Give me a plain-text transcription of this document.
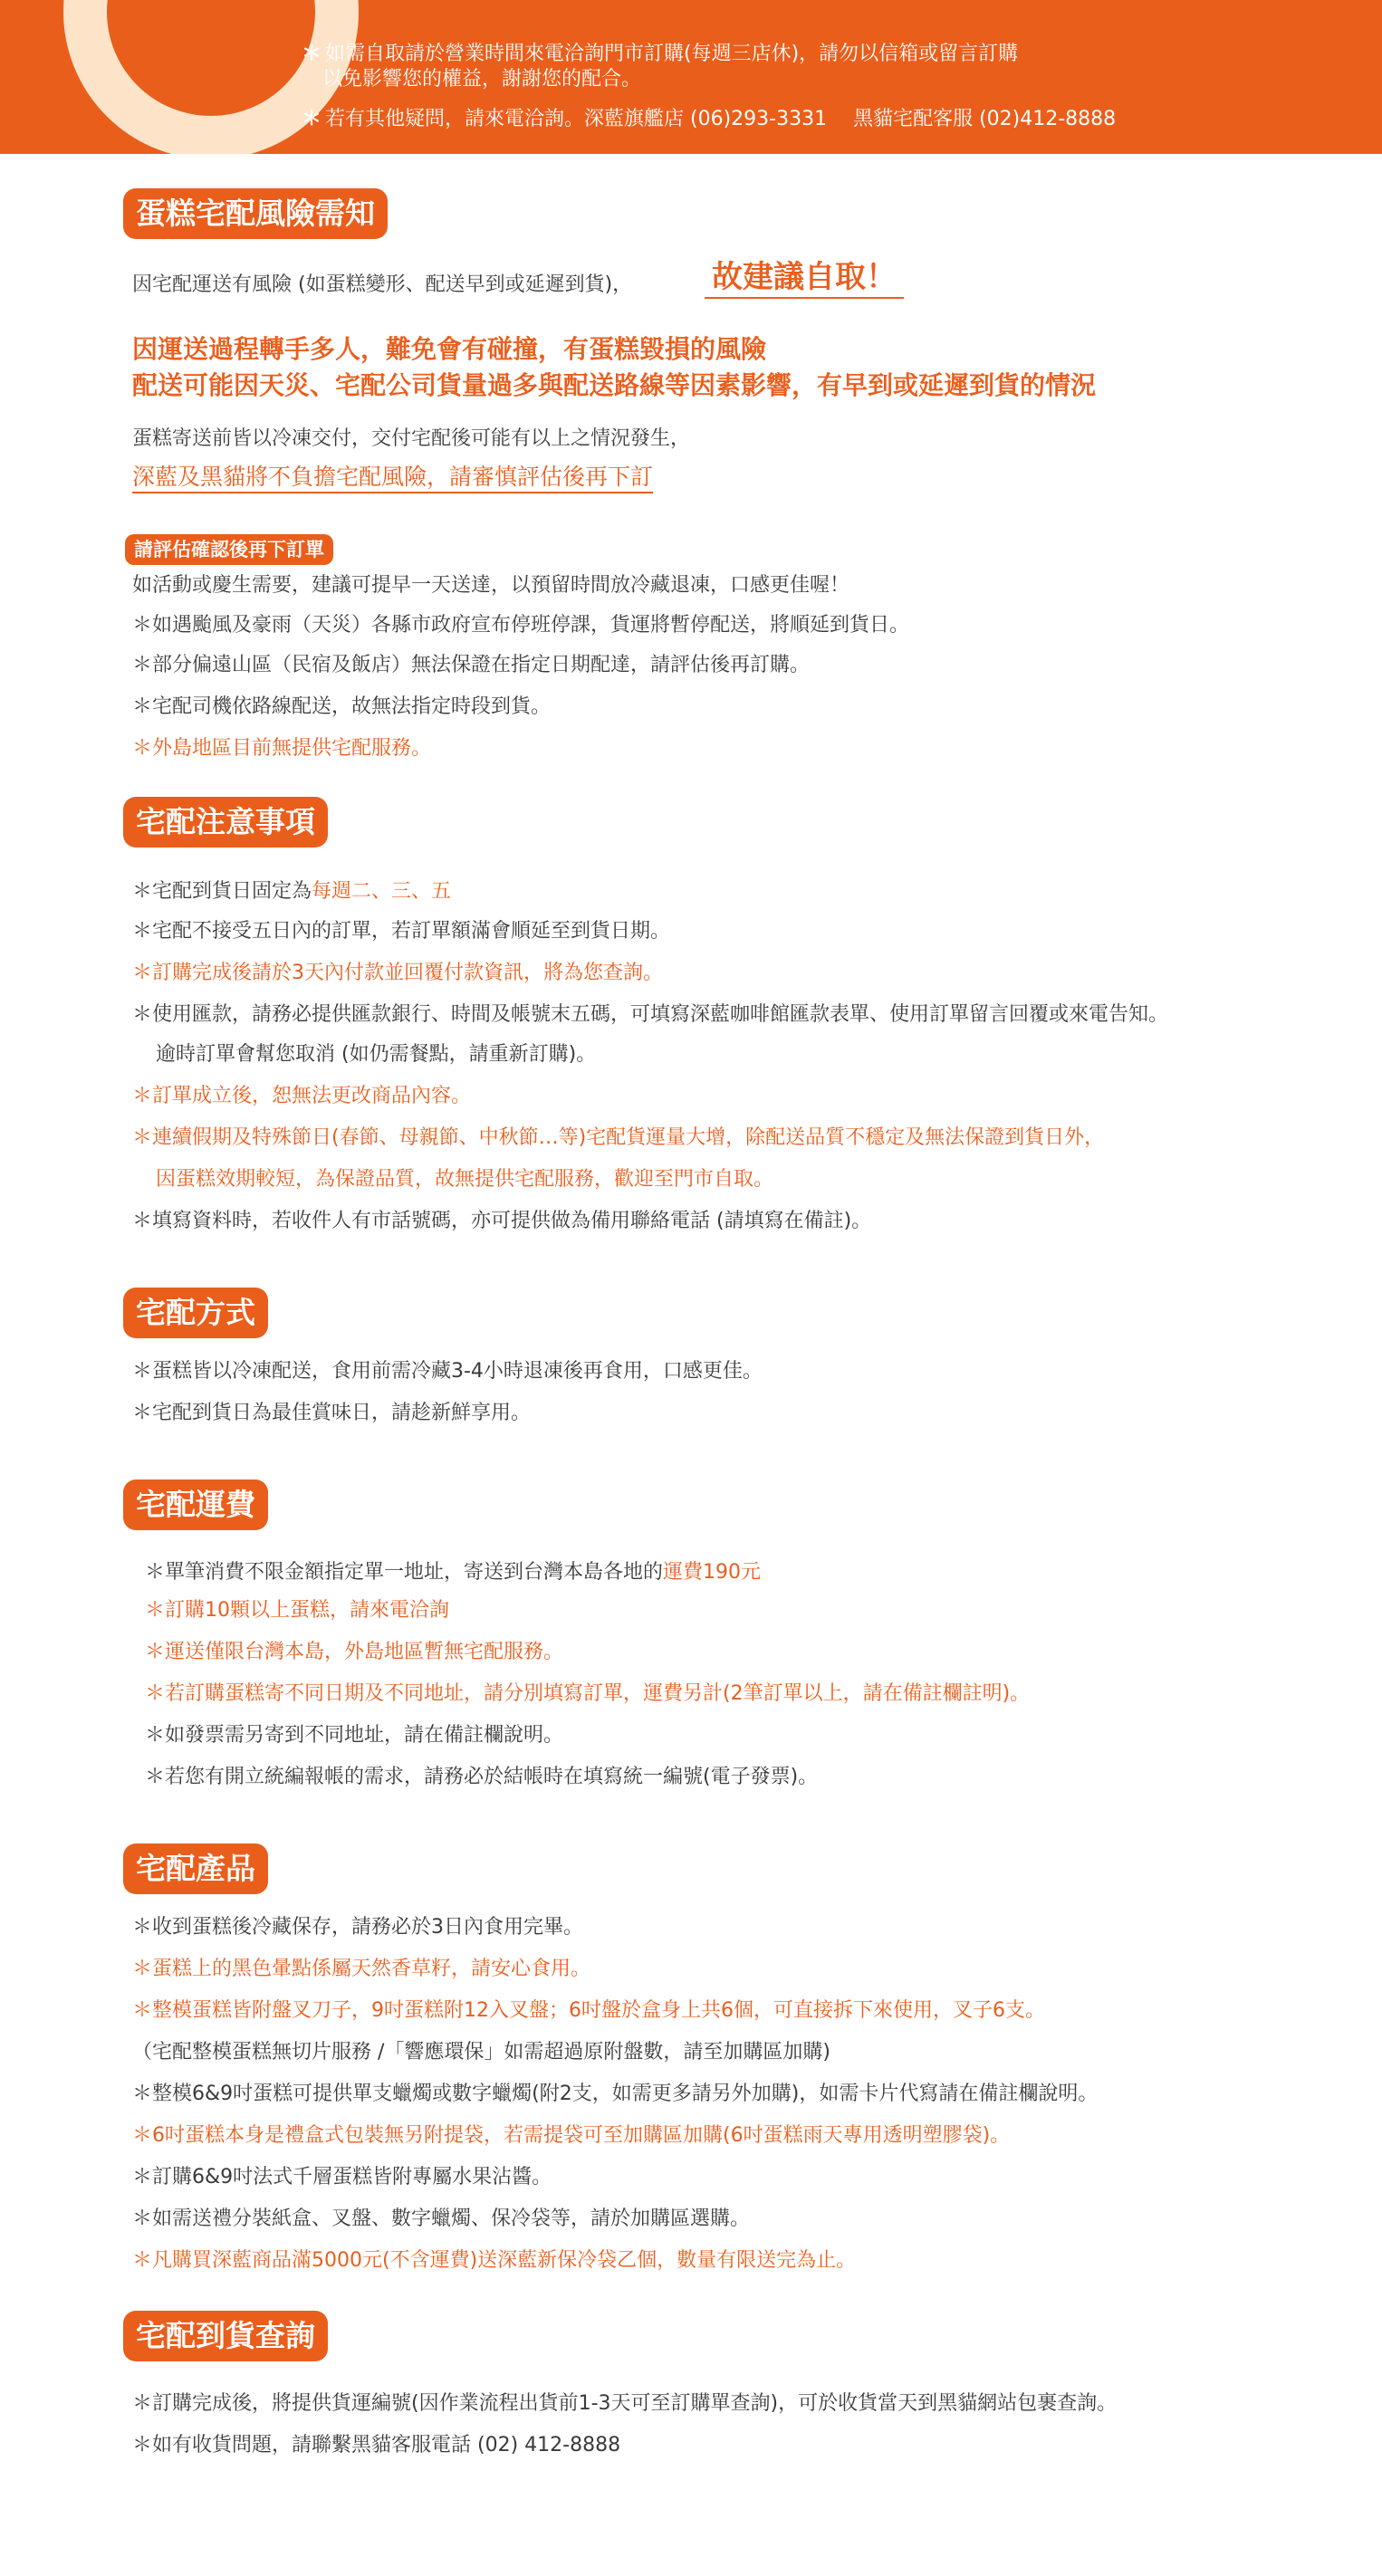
＊ 如需自取請於營業時間來電洽詢門市訂購(每週三店休)，請勿以信箱或留言訂購
以免影響您的權益，謝謝您的配合。
＊ 若有其他疑問，請來電洽詢。深藍旗艦店 (06)293-3331　 黑貓宅配客服 (02)412-8888
蛋糕宅配風險需知
因宅配運送有風險 (如蛋糕變形、配送早到或延遲到貨)，	故建議自取！
因運送過程轉手多人，難免會有碰撞，有蛋糕毀損的風險
配送可能因天災、宅配公司貨量過多與配送路線等因素影響，有早到或延遲到貨的情況
蛋糕寄送前皆以冷凍交付，交付宅配後可能有以上之情況發生，
深藍及黑貓將不負擔宅配風險，請審慎評估後再下訂
請評估確認後再下訂單
如活動或慶生需要，建議可提早一天送達，以預留時間放冷藏退凍，口感更佳喔！
＊如遇颱風及豪雨（天災）各縣市政府宣布停班停課，貨運將暫停配送，將順延到貨日。
＊部分偏遠山區（民宿及飯店）無法保證在指定日期配達，請評估後再訂購。
＊宅配司機依路線配送，故無法指定時段到貨。
＊外島地區目前無提供宅配服務。
宅配注意事項
＊宅配到貨日固定為每週二、三、五
＊宅配不接受五日內的訂單，若訂單額滿會順延至到貨日期。
＊訂購完成後請於3天內付款並回覆付款資訊，將為您查詢。
＊使用匯款，請務必提供匯款銀行、時間及帳號末五碼，可填寫深藍咖啡館匯款表單、使用訂單留言回覆或來電告知。
逾時訂單會幫您取消 (如仍需餐點，請重新訂購)。
＊訂單成立後，恕無法更改商品內容。
＊連續假期及特殊節日(春節、母親節、中秋節…等)宅配貨運量大增，除配送品質不穩定及無法保證到貨日外，
因蛋糕效期較短，為保證品質，故無提供宅配服務，歡迎至門市自取。
＊填寫資料時，若收件人有市話號碼，亦可提供做為備用聯絡電話 (請填寫在備註)。
宅配方式
＊蛋糕皆以冷凍配送，食用前需冷藏3-4小時退凍後再食用，口感更佳。
＊宅配到貨日為最佳賞味日，請趁新鮮享用。
宅配運費
＊單筆消費不限金額指定單一地址，寄送到台灣本島各地的運費190元
＊訂購10顆以上蛋糕，請來電洽詢
＊運送僅限台灣本島，外島地區暫無宅配服務。
＊若訂購蛋糕寄不同日期及不同地址，請分別填寫訂單，運費另計(2筆訂單以上，請在備註欄註明)。
＊如發票需另寄到不同地址，請在備註欄說明。
＊若您有開立統編報帳的需求，請務必於結帳時在填寫統一編號(電子發票)。
宅配產品
＊收到蛋糕後冷藏保存，請務必於3日內食用完畢。
＊蛋糕上的黑色暈點係屬天然香草籽，請安心食用。
＊整模蛋糕皆附盤叉刀子，9吋蛋糕附12入叉盤；6吋盤於盒身上共6個，可直接拆下來使用，叉子6支。
（宅配整模蛋糕無切片服務 /「響應環保」如需超過原附盤數，請至加購區加購)
＊整模6&9吋蛋糕可提供單支蠟燭或數字蠟燭(附2支，如需更多請另外加購)，如需卡片代寫請在備註欄說明。
＊6吋蛋糕本身是禮盒式包裝無另附提袋，若需提袋可至加購區加購(6吋蛋糕雨天專用透明塑膠袋)。
＊訂購6&9吋法式千層蛋糕皆附專屬水果沾醬。
＊如需送禮分裝紙盒、叉盤、數字蠟燭、保冷袋等，請於加購區選購。
＊凡購買深藍商品滿5000元(不含運費)送深藍新保冷袋乙個，數量有限送完為止。
宅配到貨查詢
＊訂購完成後，將提供貨運編號(因作業流程出貨前1-3天可至訂購單查詢)，可於收貨當天到黑貓網站包裹查詢。
＊如有收貨問題，請聯繫黑貓客服電話 (02) 412-8888
